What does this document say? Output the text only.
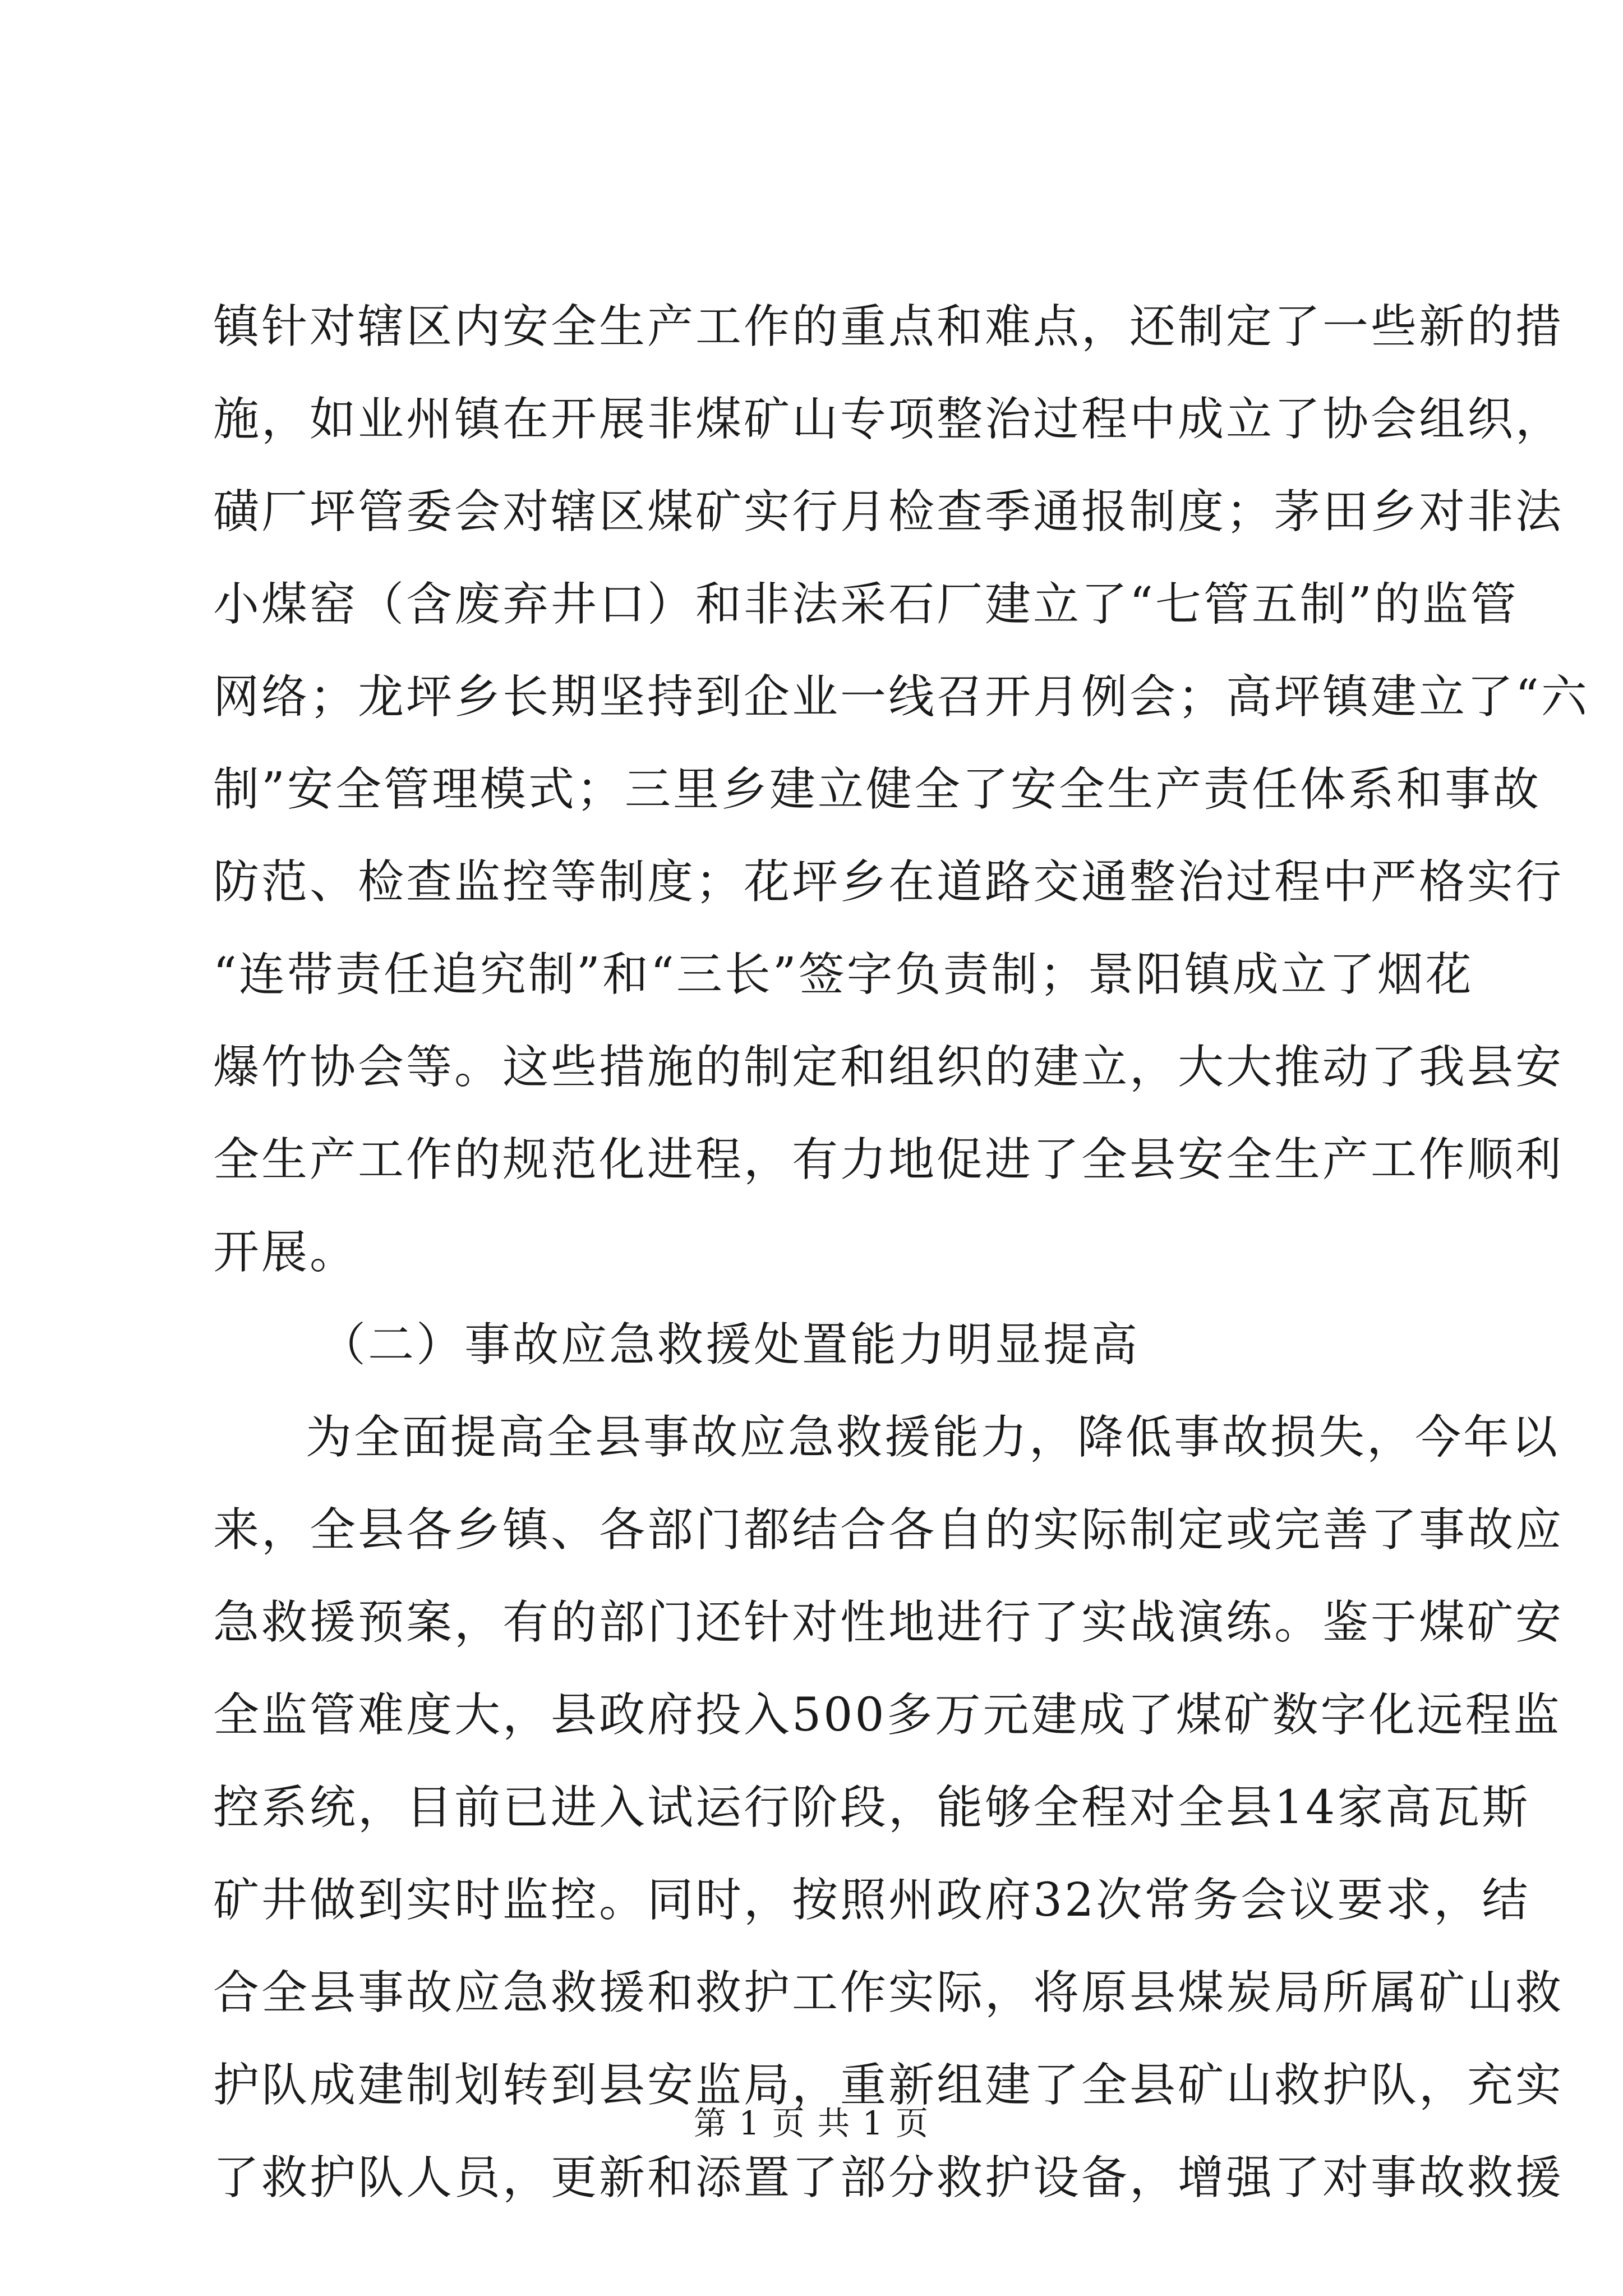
镇针对辖区内安全生产工作的重点和难点，还制定了一些新的措
施，如业州镇在开展非煤矿山专项整治过程中成立了协会组织，
磺厂坪管委会对辖区煤矿实行月检查季通报制度；茅田乡对非法
小煤窑（含废弃井口）和非法采石厂建立了“七管五制”的监管
网络；龙坪乡长期坚持到企业一线召开月例会；高坪镇建立了“六
制”安全管理模式；三里乡建立健全了安全生产责任体系和事故
防范、检查监控等制度；花坪乡在道路交通整治过程中严格实行
“连带责任追究制”和“三长”签字负责制；景阳镇成立了烟花
爆竹协会等。这些措施的制定和组织的建立，大大推动了我县安
全生产工作的规范化进程，有力地促进了全县安全生产工作顺利
开展。
（二）事故应急救援处置能力明显提高
为全面提高全县事故应急救援能力，降低事故损失，今年以
来，全县各乡镇、各部门都结合各自的实际制定或完善了事故应
急救援预案，有的部门还针对性地进行了实战演练。鉴于煤矿安
全监管难度大，县政府投入500多万元建成了煤矿数字化远程监
控系统，目前已进入试运行阶段，能够全程对全县14家高瓦斯
矿井做到实时监控。同时，按照州政府32次常务会议要求，结
合全县事故应急救援和救护工作实际，将原县煤炭局所属矿山救
护队成建制划转到县安监局，重新组建了全县矿山救护队，充实
了救护队人员，更新和添置了部分救护设备，增强了对事故救援
第 1 页 共 1 页
